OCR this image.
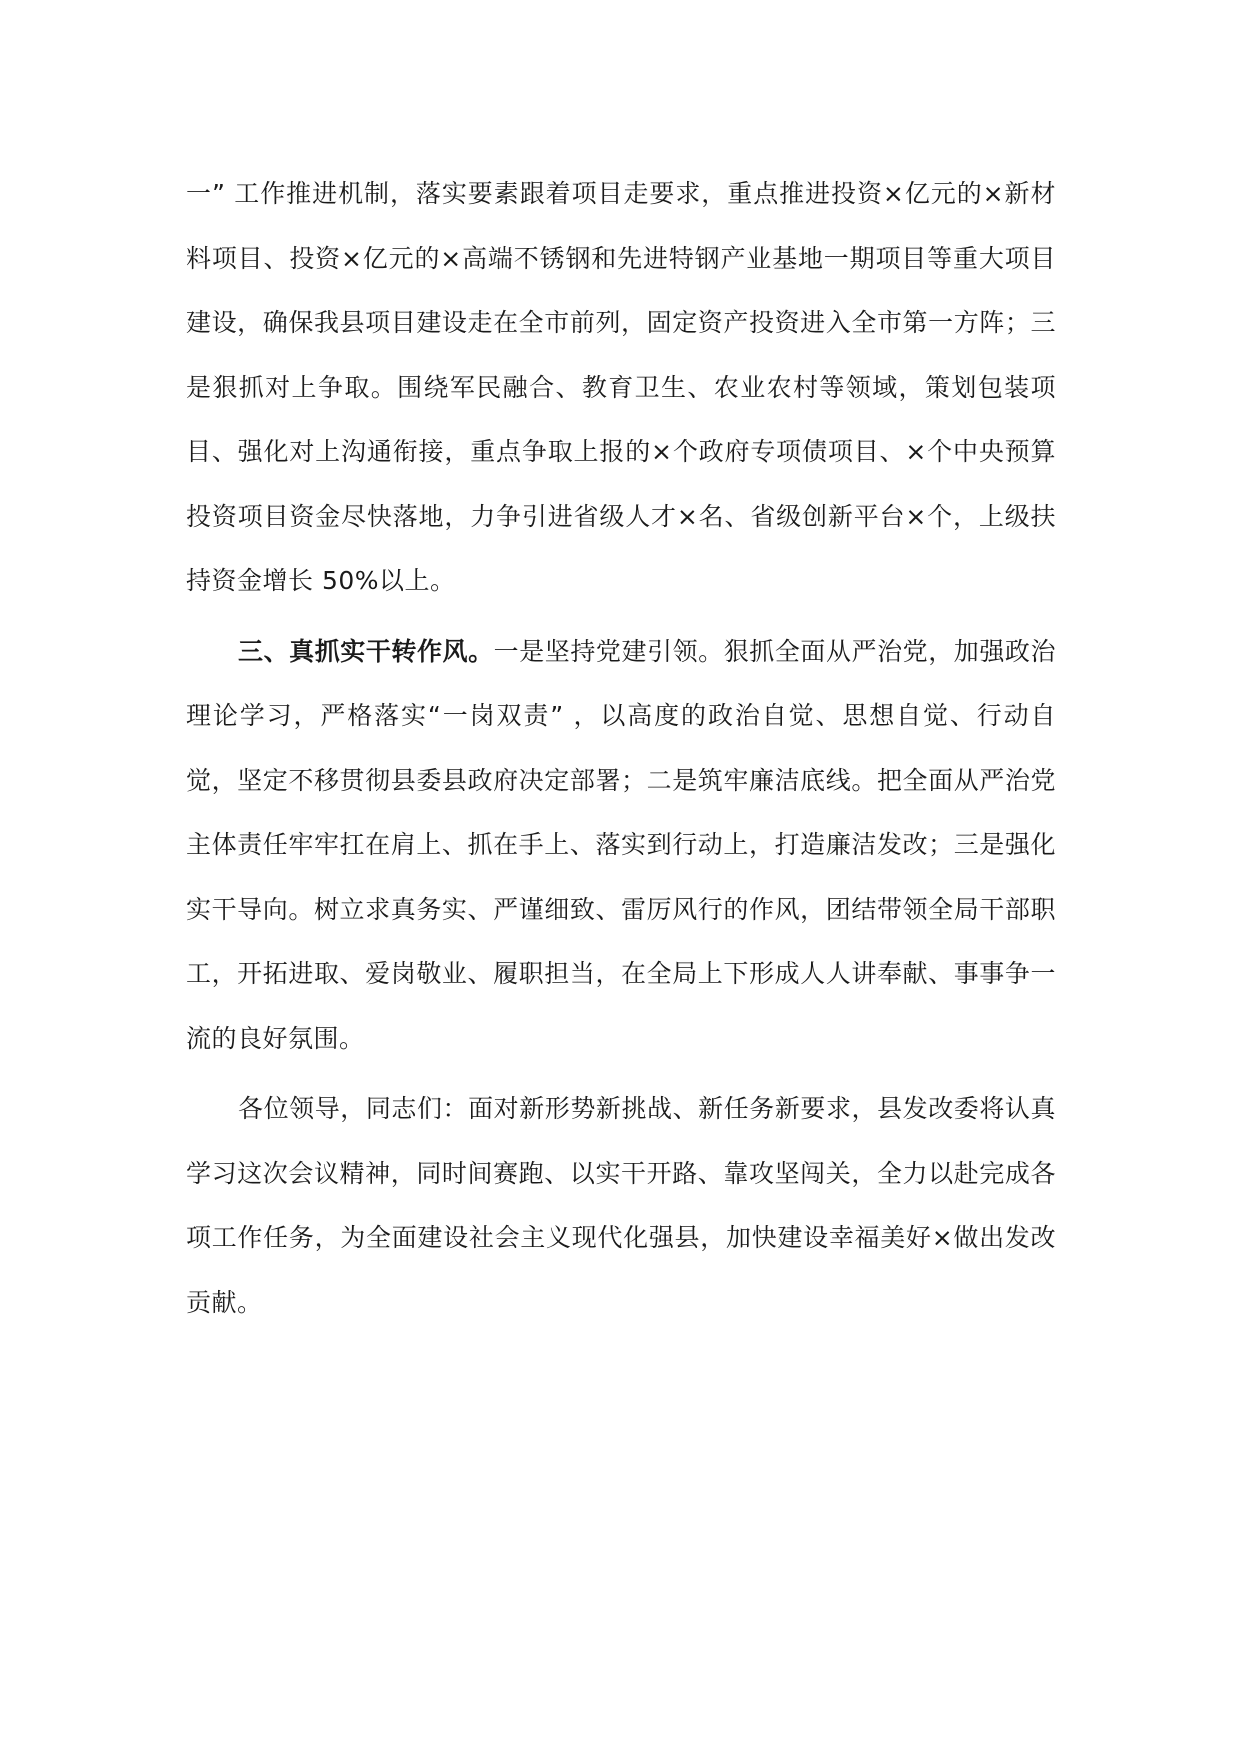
一” 工作推进机制，落实要素跟着项目走要求，重点推进投资×亿元的×新材料项目、投资×亿元的×高端不锈钢和先进特钢产业基地一期项目等重大项目建设，确保我县项目建设走在全市前列，固定资产投资进入全市第一方阵；三是狠抓对上争取。围绕军民融合、教育卫生、农业农村等领域，策划包装项目、强化对上沟通衔接，重点争取上报的×个政府专项债项目、×个中央预算投资项目资金尽快落地，力争引进省级人才×名、省级创新平台×个，上级扶持资金增长 50%以上。

三、真抓实干转作风。一是坚持党建引领。狠抓全面从严治党，加强政治理论学习，严格落实“一岗双责” ，以高度的政治自觉、思想自觉、行动自觉，坚定不移贯彻县委县政府决定部署；二是筑牢廉洁底线。把全面从严治党主体责任牢牢扛在肩上、抓在手上、落实到行动上，打造廉洁发改；三是强化实干导向。树立求真务实、严谨细致、雷厉风行的作风，团结带领全局干部职工，开拓进取、爱岗敬业、履职担当，在全局上下形成人人讲奉献、事事争一流的良好氛围。

各位领导，同志们：面对新形势新挑战、新任务新要求，县发改委将认真学习这次会议精神，同时间赛跑、以实干开路、靠攻坚闯关，全力以赴完成各项工作任务，为全面建设社会主义现代化强县，加快建设幸福美好×做出发改贡献。
